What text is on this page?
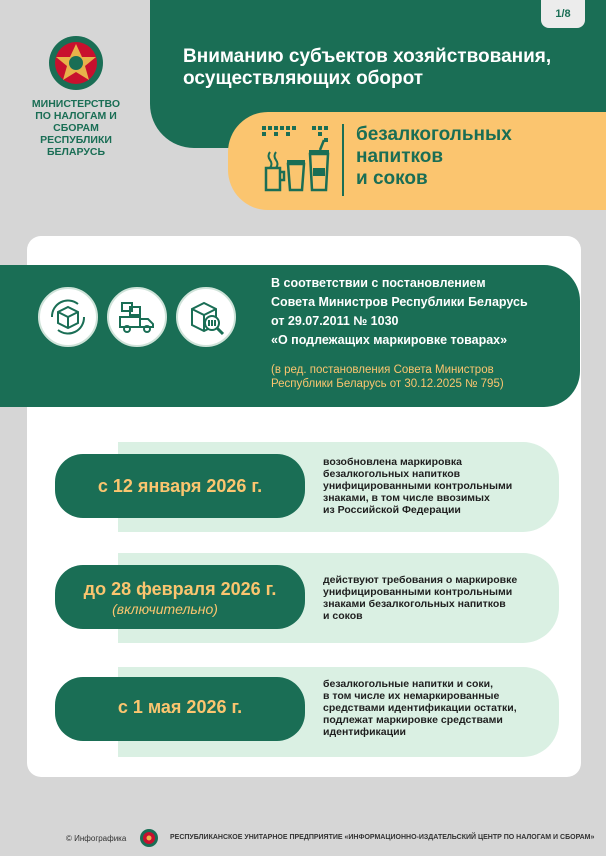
МИНИСТЕРСТВО
ПО НАЛОГАМ И СБОРАМ
РЕСПУБЛИКИ БЕЛАРУСЬ
1/8
Вниманию субъектов хозяйствования,
осуществляющих оборот
безалкогольных
напитков
и соков
В соответствии с постановлением
Совета Министров Республики Беларусь
от 29.07.2011 № 1030
«О подлежащих маркировке товарах»
(в ред. постановления Совета Министров
Республики Беларусь от 30.12.2025 № 795)
с 12 января 2026 г.
возобновлена маркировка
безалкогольных напитков
унифицированными контрольными
знаками, в том числе ввозимых
из Российской Федерации
до 28 февраля 2026 г.
(включительно)
действуют требования о маркировке
унифицированными контрольными
знаками безалкогольных напитков
и соков
с 1 мая 2026 г.
безалкогольные напитки и соки,
в том числе их немаркированные
средствами идентификации остатки,
подлежат маркировке средствами
идентификации
© Инфографика	РЕСПУБЛИКАНСКОЕ УНИТАРНОЕ ПРЕДПРИЯТИЕ «ИНФОРМАЦИОННО-ИЗДАТЕЛЬСКИЙ ЦЕНТР ПО НАЛОГАМ И СБОРАМ»
